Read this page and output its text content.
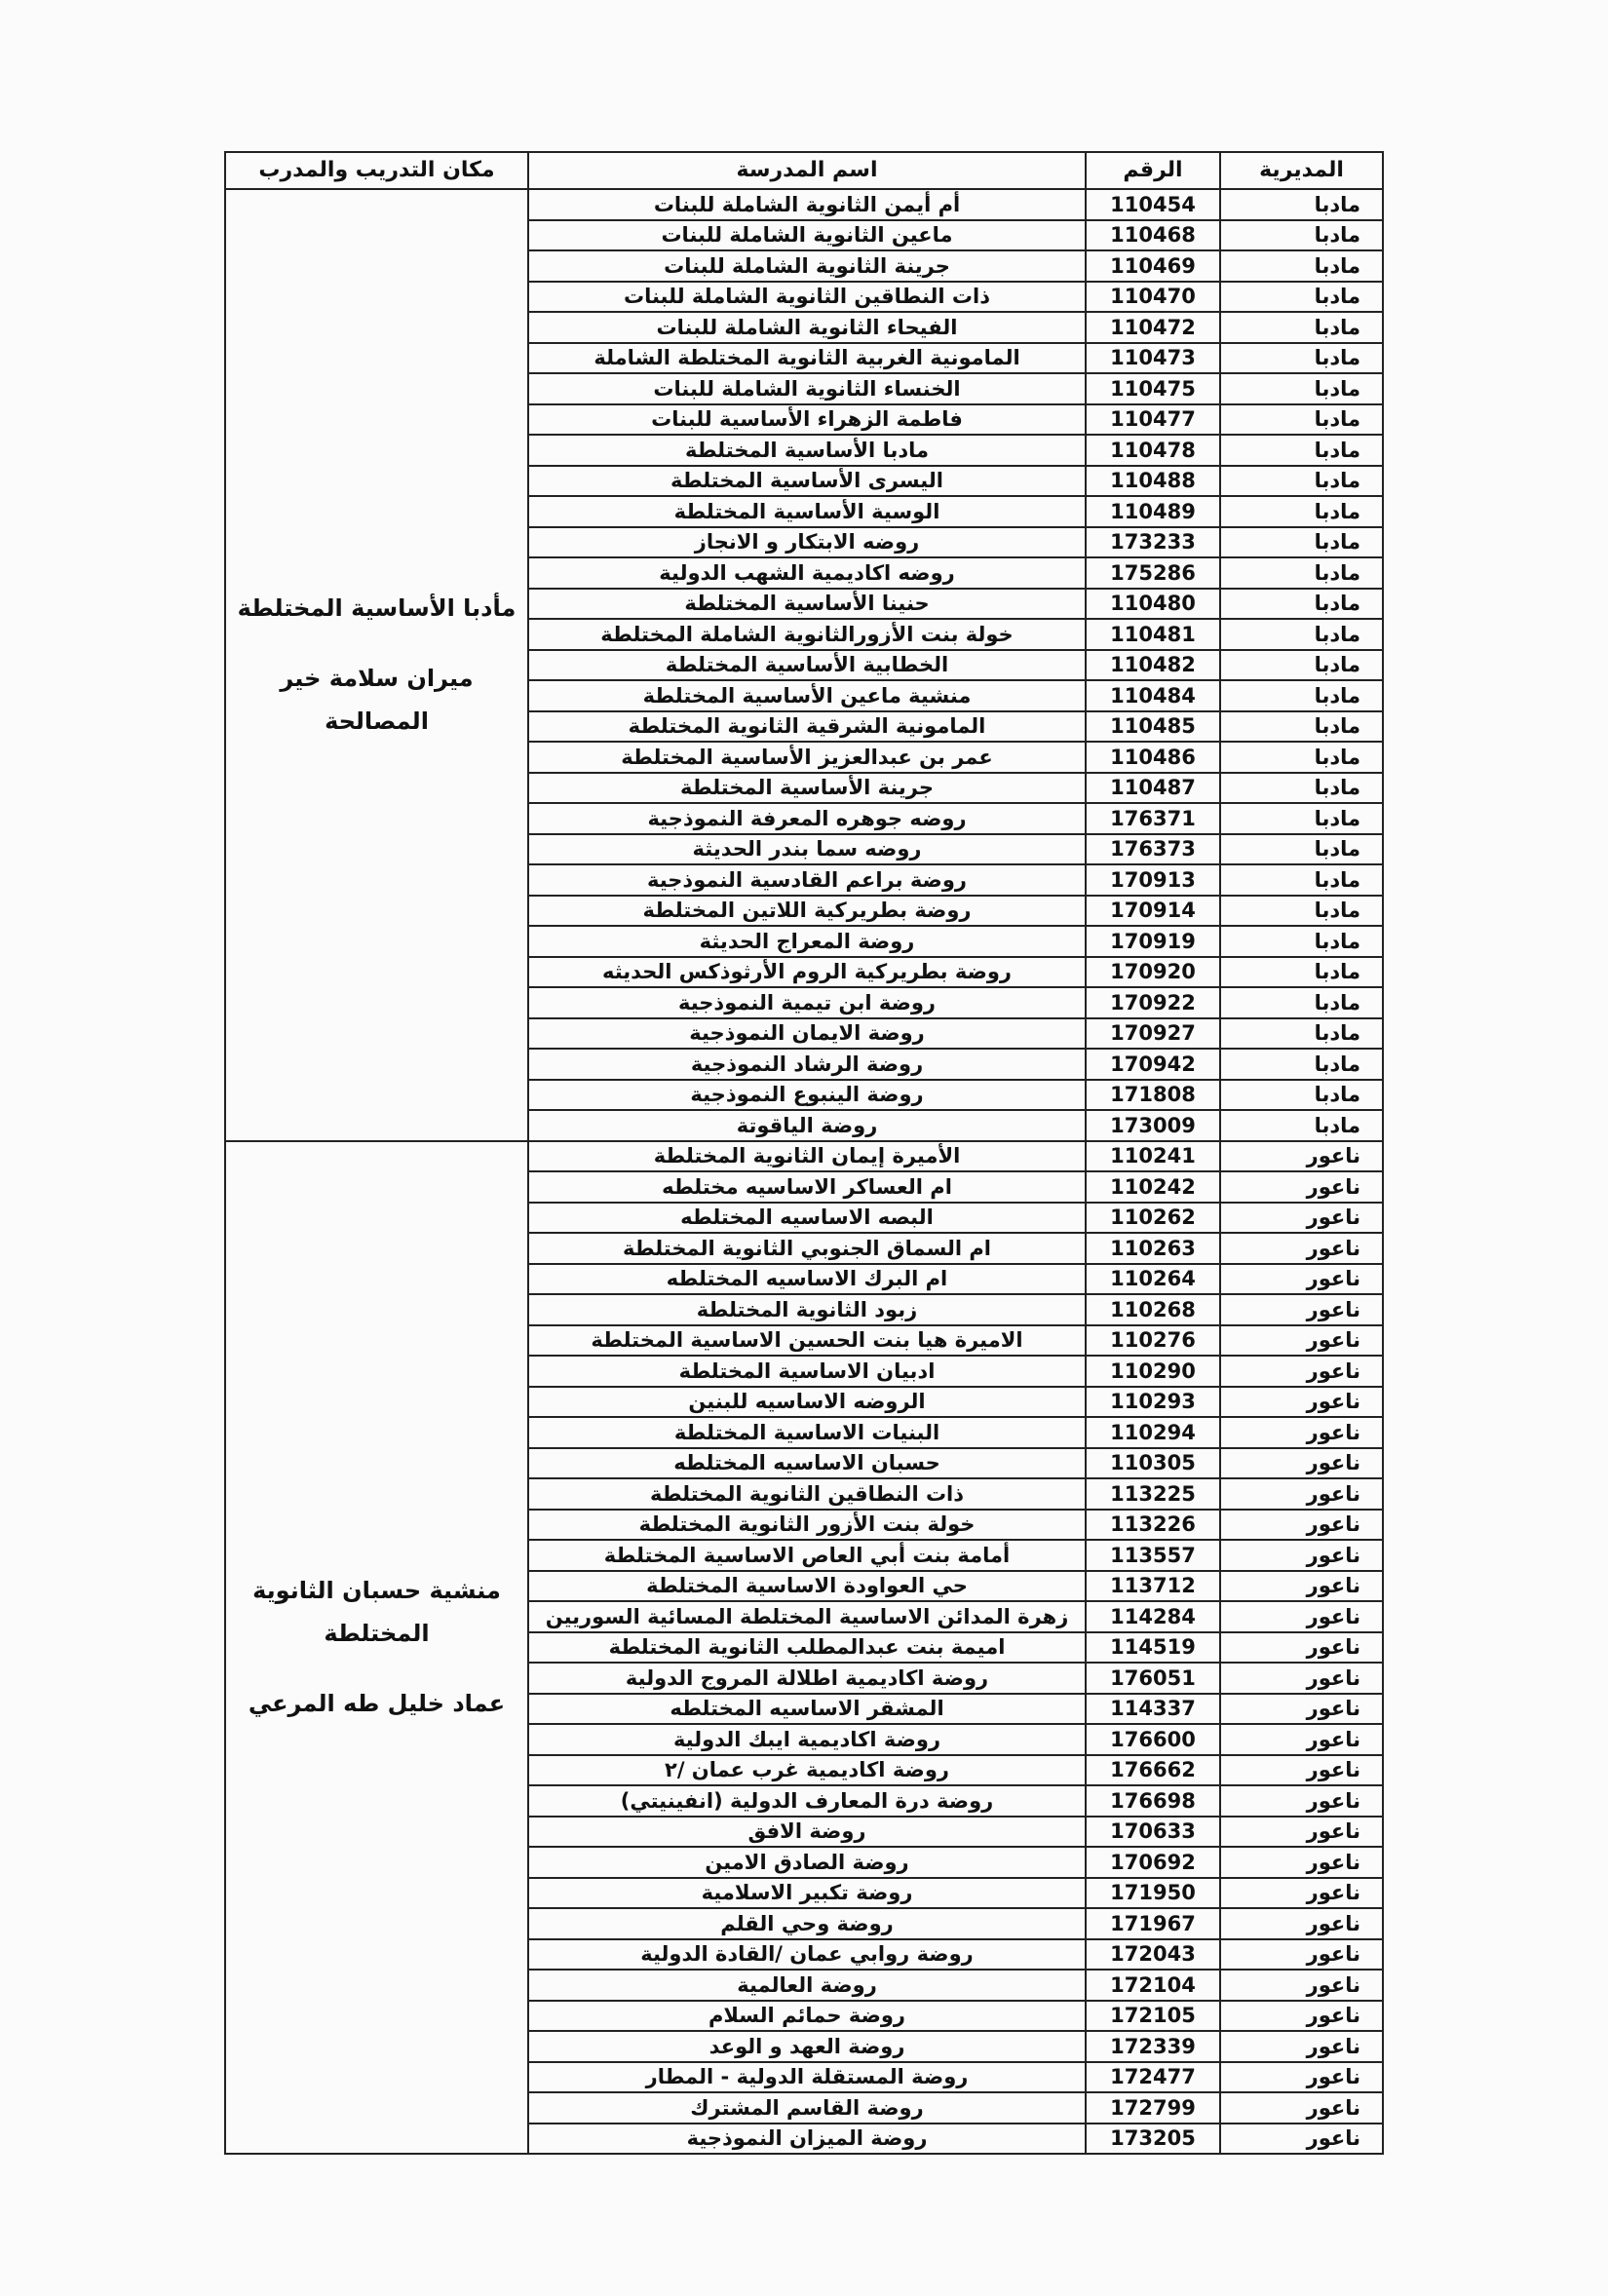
المديرية	الرقم	اسم المدرسة	مكان التدريب والمدرب
مادبا	110454	أم أيمن الثانوية الشاملة للبنات	مأدبا الأساسية المختلطة
ميران سلامة خير المصالحة

مادبا	110468	ماعين الثانوية الشاملة للبنات	
مادبا	110469	جرينة الثانوية الشاملة للبنات	
مادبا	110470	ذات النطاقين الثانوية الشاملة للبنات	
مادبا	110472	الفيحاء الثانوية الشاملة للبنات	
مادبا	110473	المامونية الغربية الثانوية المختلطة الشاملة	
مادبا	110475	الخنساء الثانوية الشاملة للبنات	
مادبا	110477	فاطمة الزهراء الأساسية للبنات	
مادبا	110478	مادبا الأساسية المختلطة	
مادبا	110488	اليسرى الأساسية المختلطة	
مادبا	110489	الوسية الأساسية المختلطة	
مادبا	173233	روضه الابتكار و الانجاز	
مادبا	175286	روضه اكاديمية الشهب الدولية	
مادبا	110480	حنينا الأساسية المختلطة	
مادبا	110481	خولة بنت الأزورالثانوية الشاملة المختلطة	
مادبا	110482	الخطابية الأساسية المختلطة	
مادبا	110484	منشية ماعين الأساسية المختلطة	
مادبا	110485	المامونية الشرقية الثانوية المختلطة	
مادبا	110486	عمر بن عبدالعزيز الأساسية المختلطة	
مادبا	110487	جرينة الأساسية المختلطة	
مادبا	176371	روضه جوهره المعرفة النموذجية	
مادبا	176373	روضه سما بندر الحديثة	
مادبا	170913	روضة براعم القادسية النموذجية	
مادبا	170914	روضة بطريركية اللاتين المختلطة	
مادبا	170919	روضة المعراج الحديثة	
مادبا	170920	روضة بطريركية الروم الأرثوذكس الحديثه	
مادبا	170922	روضة ابن تيمية النموذجية	
مادبا	170927	روضة الايمان النموذجية	
مادبا	170942	روضة الرشاد النموذجية	
مادبا	171808	روضة الينبوع النموذجية	
مادبا	173009	روضة الياقوتة	
ناعور	110241	الأميرة إيمان الثانوية المختلطة	منشية حسبان الثانوية المختلطة
عماد خليل طه المرعي

ناعور	110242	ام العساكر الاساسيه مختلطه	
ناعور	110262	البصه الاساسيه المختلطه	
ناعور	110263	ام السماق الجنوبي الثانوية المختلطة	
ناعور	110264	ام البرك الاساسيه المختلطه	
ناعور	110268	زبود الثانوية المختلطة	
ناعور	110276	الاميرة هيا بنت الحسين الاساسية المختلطة	
ناعور	110290	ادبيان الاساسية المختلطة	
ناعور	110293	الروضه الاساسيه للبنين	
ناعور	110294	البنيات الاساسية المختلطة	
ناعور	110305	حسبان الاساسيه المختلطه	
ناعور	113225	ذات النطاقين الثانوية المختلطة	
ناعور	113226	خولة بنت الأزور الثانوية المختلطة	
ناعور	113557	أمامة بنت أبي العاص الاساسية المختلطة	
ناعور	113712	حي العواودة الاساسية المختلطة	
ناعور	114284	زهرة المدائن الاساسية المختلطة المسائية السوريين	
ناعور	114519	اميمة بنت عبدالمطلب الثانوية المختلطة	
ناعور	176051	روضة اكاديمية اطلالة المروج الدولية	
ناعور	114337	المشقر الاساسيه المختلطه	
ناعور	176600	روضة اكاديمية ايبك الدولية	
ناعور	176662	روضة اكاديمية غرب عمان /٢	
ناعور	176698	روضة درة المعارف الدولية (انفينيتي)	
ناعور	170633	روضة الافق	
ناعور	170692	روضة الصادق الامين	
ناعور	171950	روضة تكبير الاسلامية	
ناعور	171967	روضة وحي القلم	
ناعور	172043	روضة روابي عمان /القادة الدولية	
ناعور	172104	روضة العالمية	
ناعور	172105	روضة حمائم السلام	
ناعور	172339	روضة العهد و الوعد	
ناعور	172477	روضة المستقلة الدولية - المطار	
ناعور	172799	روضة القاسم المشترك	
ناعور	173205	روضة الميزان النموذجية	
